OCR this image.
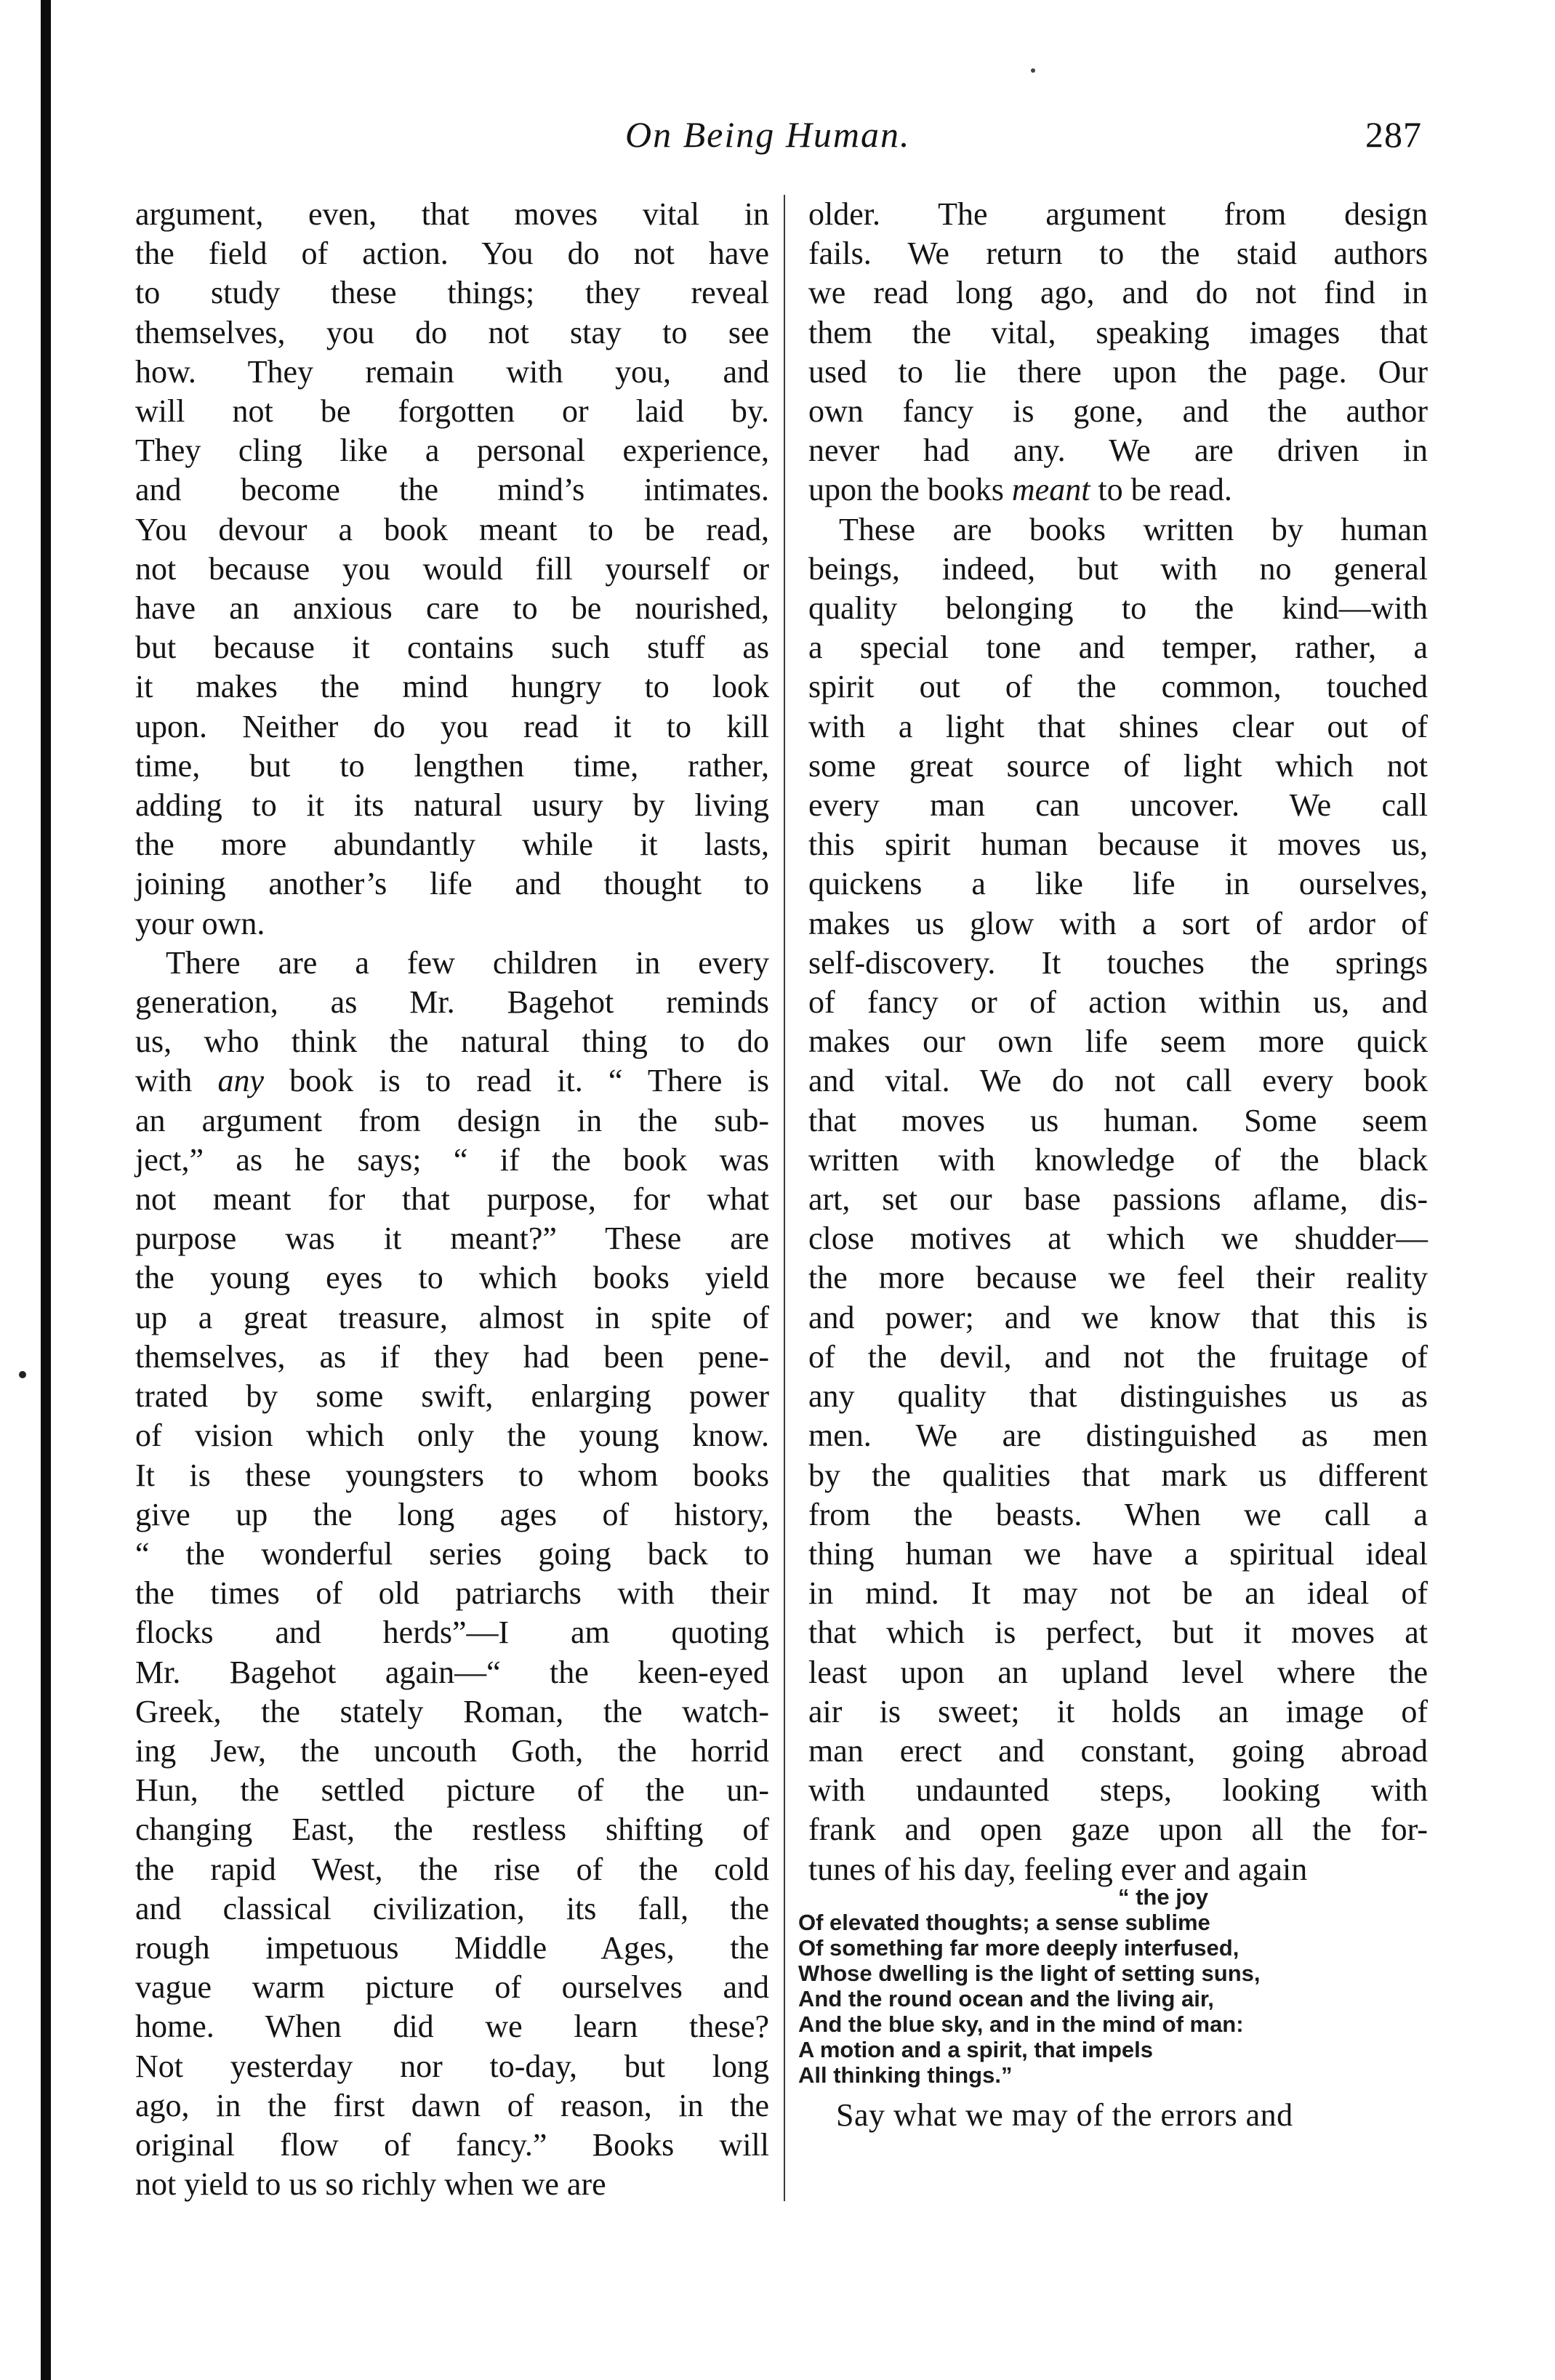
On Being Human.	287

argument, even, that moves vital in
the field of action. You do not have
to study these things; they reveal
themselves, you do not stay to see
how. They remain with you, and
will not be forgotten or laid by.
They cling like a personal experience,
and become the mind’s intimates.
You devour a book meant to be read,
not because you would fill yourself or
have an anxious care to be nourished,
but because it contains such stuff as
it makes the mind hungry to look
upon. Neither do you read it to kill
time, but to lengthen time, rather,
adding to it its natural usury by living
the more abundantly while it lasts,
joining another’s life and thought to
your own.

There are a few children in every
generation, as Mr. Bagehot reminds
us, who think the natural thing to do
with any book is to read it. “ There is
an argument from design in the sub-
ject,” as he says; “ if the book was
not meant for that purpose, for what
purpose was it meant?” These are
the young eyes to which books yield
up a great treasure, almost in spite of
themselves, as if they had been pene-
trated by some swift, enlarging power
of vision which only the young know.
It is these youngsters to whom books
give up the long ages of history,
“ the wonderful series going back to
the times of old patriarchs with their
flocks and herds”—I am quoting
Mr. Bagehot again—“ the keen-eyed
Greek, the stately Roman, the watch-
ing Jew, the uncouth Goth, the horrid
Hun, the settled picture of the un-
changing East, the restless shifting of
the rapid West, the rise of the cold
and classical civilization, its fall, the
rough impetuous Middle Ages, the
vague warm picture of ourselves and
home. When did we learn these?
Not yesterday nor to-day, but long
ago, in the first dawn of reason, in the
original flow of fancy.” Books will
not yield to us so richly when we are

older. The argument from design
fails. We return to the staid authors
we read long ago, and do not find in
them the vital, speaking images that
used to lie there upon the page. Our
own fancy is gone, and the author
never had any. We are driven in
upon the books meant to be read.

These are books written by human
beings, indeed, but with no general
quality belonging to the kind—with
a special tone and temper, rather, a
spirit out of the common, touched
with a light that shines clear out of
some great source of light which not
every man can uncover. We call
this spirit human because it moves us,
quickens a like life in ourselves,
makes us glow with a sort of ardor of
self-discovery. It touches the springs
of fancy or of action within us, and
makes our own life seem more quick
and vital. We do not call every book
that moves us human. Some seem
written with knowledge of the black
art, set our base passions aflame, dis-
close motives at which we shudder—
the more because we feel their reality
and power; and we know that this is
of the devil, and not the fruitage of
any quality that distinguishes us as
men. We are distinguished as men
by the qualities that mark us different
from the beasts. When we call a
thing human we have a spiritual ideal
in mind. It may not be an ideal of
that which is perfect, but it moves at
least upon an upland level where the
air is sweet; it holds an image of
man erect and constant, going abroad
with undaunted steps, looking with
frank and open gaze upon all the for-
tunes of his day, feeling ever and again

“ the joy
Of elevated thoughts; a sense sublime
Of something far more deeply interfused,
Whose dwelling is the light of setting suns,
And the round ocean and the living air,
And the blue sky, and in the mind of man:
A motion and a spirit, that impels
All thinking things.”
Say what we may of the errors and
